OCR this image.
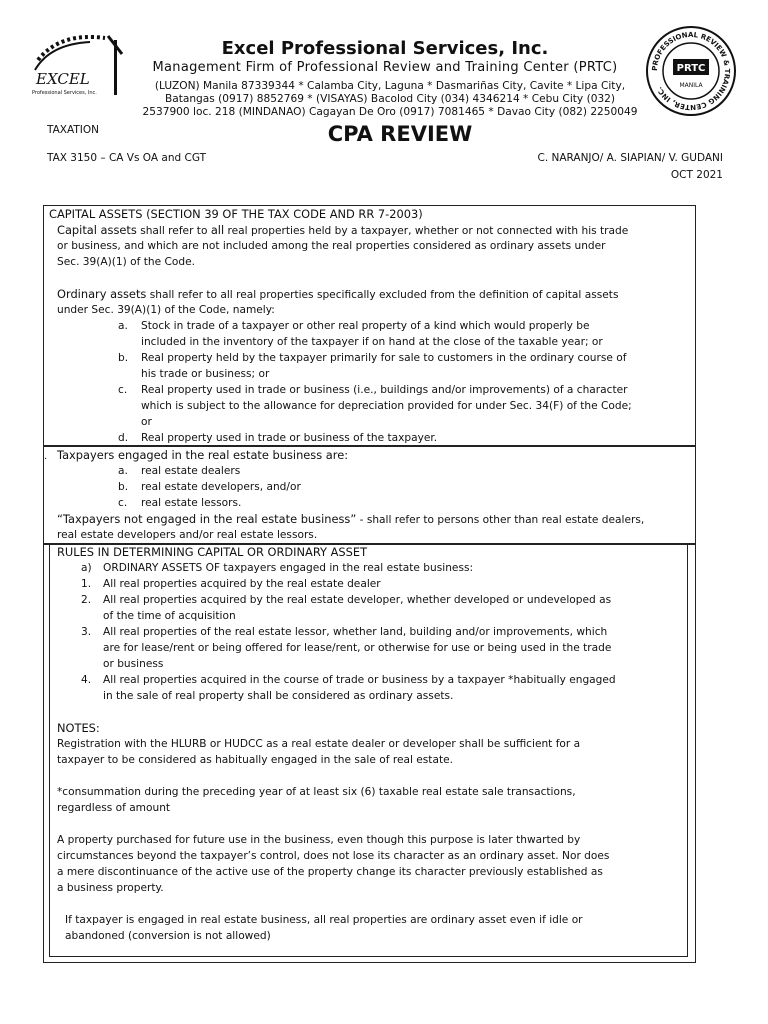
EXCEL
Professional Services, Inc.
PROFESSIONAL REVIEW & TRAINING CENTER, INC.
PRTC
MANILA
Excel Professional Services, Inc.
Management Firm of Professional Review and Training Center (PRTC)
(LUZON) Manila 87339344 * Calamba City, Laguna * Dasmariñas City, Cavite * Lipa City,
Batangas (0917) 8852769 * (VISAYAS) Bacolod City (034) 4346214 * Cebu City (032)
2537900 loc. 218 (MINDANAO) Cagayan De Oro (0917) 7081465 * Davao City (082) 2250049
TAXATION	CPA REVIEW
TAX 3150 – CA Vs OA and CGT	C. NARANJO/ A. SIAPIAN/ V. GUDANI
OCT 2021
CAPITAL ASSETS (SECTION 39 OF THE TAX CODE AND RR 7-2003)
Capital assets shall refer to all real properties held by a taxpayer, whether or not connected with his trade
or business, and which are not included among the real properties considered as ordinary assets under
Sec. 39(A)(1) of the Code.
Ordinary assets shall refer to all real properties specifically excluded from the definition of capital assets
under Sec. 39(A)(1) of the Code, namely:
a. Stock in trade of a taxpayer or other real property of a kind which would properly be
included in the inventory of the taxpayer if on hand at the close of the taxable year; or
b. Real property held by the taxpayer primarily for sale to customers in the ordinary course of
his trade or business; or
c. Real property used in trade or business (i.e., buildings and/or improvements) of a character
which is subject to the allowance for depreciation provided for under Sec. 34(F) of the Code;
or
d. Real property used in trade or business of the taxpayer.
. Taxpayers engaged in the real estate business are:
a. real estate dealers
b. real estate developers, and/or
c. real estate lessors.
“Taxpayers not engaged in the real estate business” - shall refer to persons other than real estate dealers,
real estate developers and/or real estate lessors.
RULES IN DETERMINING CAPITAL OR ORDINARY ASSET
a) ORDINARY ASSETS OF taxpayers engaged in the real estate business:
1. All real properties acquired by the real estate dealer
2. All real properties acquired by the real estate developer, whether developed or undeveloped as
of the time of acquisition
3. All real properties of the real estate lessor, whether land, building and/or improvements, which
are for lease/rent or being offered for lease/rent, or otherwise for use or being used in the trade
or business
4. All real properties acquired in the course of trade or business by a taxpayer *habitually engaged
in the sale of real property shall be considered as ordinary assets.
NOTES:
Registration with the HLURB or HUDCC as a real estate dealer or developer shall be sufficient for a
taxpayer to be considered as habitually engaged in the sale of real estate.
*consummation during the preceding year of at least six (6) taxable real estate sale transactions,
regardless of amount
A property purchased for future use in the business, even though this purpose is later thwarted by
circumstances beyond the taxpayer’s control, does not lose its character as an ordinary asset. Nor does
a mere discontinuance of the active use of the property change its character previously established as
a business property.
If taxpayer is engaged in real estate business, all real properties are ordinary asset even if idle or
abandoned (conversion is not allowed)
